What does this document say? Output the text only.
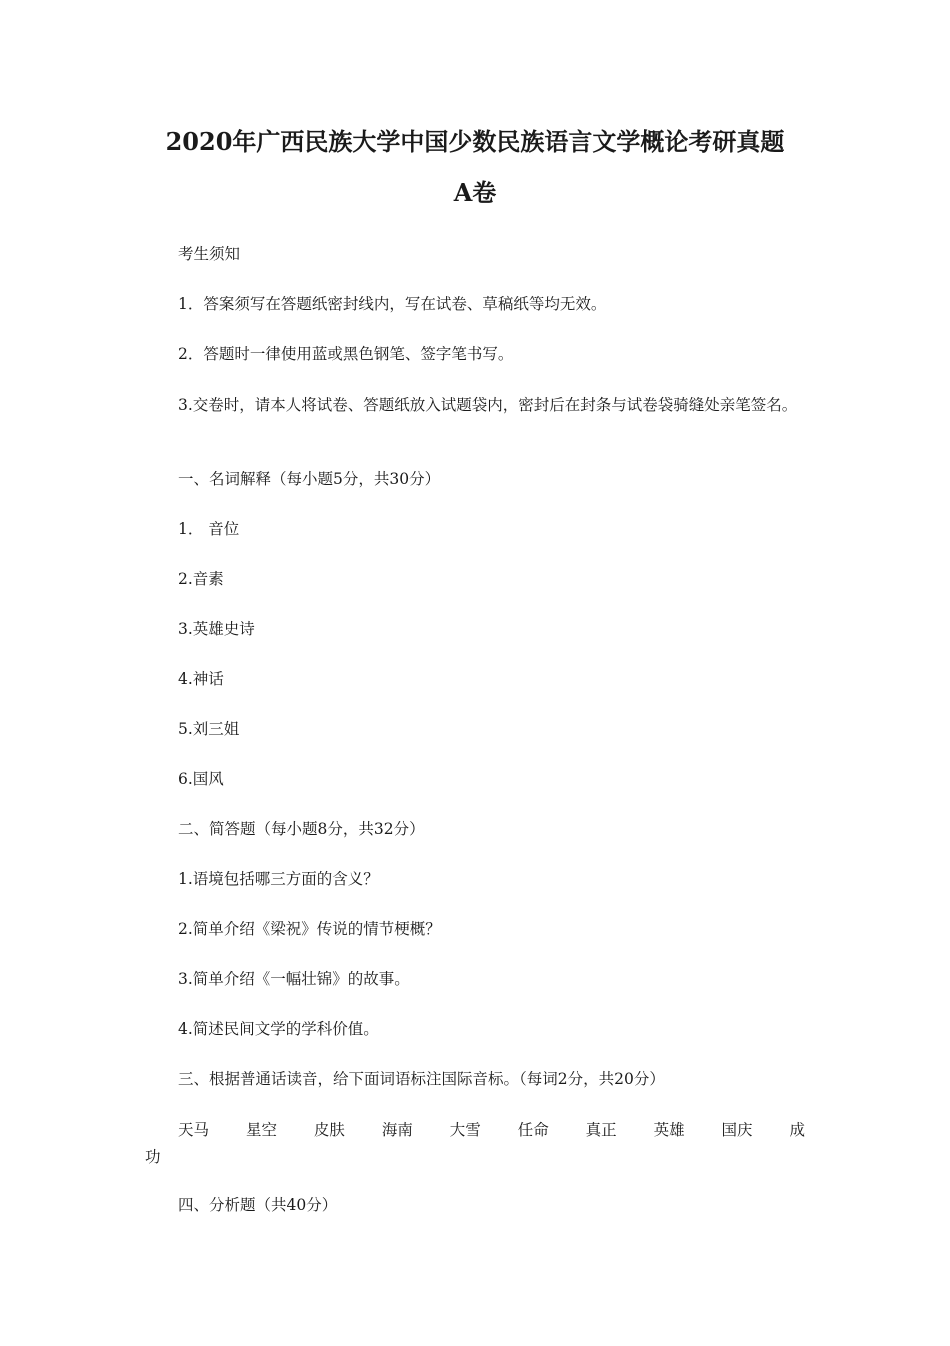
2020年广西民族大学中国少数民族语言文学概论考研真题
A卷
考生须知
1．答案须写在答题纸密封线内，写在试卷、草稿纸等均无效。
2．答题时一律使用蓝或黑色钢笔、签字笔书写。
3.交卷时，请本人将试卷、答题纸放入试题袋内，密封后在封条与试卷袋骑缝处亲笔签名。
一、名词解释（每小题5分，共30分）
1． 音位
2.音素
3.英雄史诗
4.神话
5.刘三姐
6.国风
二、简答题（每小题8分，共32分）
1.语境包括哪三方面的含义？
2.简单介绍《梁祝》传说的情节梗概？
3.简单介绍《一幅壮锦》的故事。
4.简述民间文学的学科价值。
三、根据普通话读音，给下面词语标注国际音标。（每词2分，共20分）
天马 星空 皮肤 海南 大雪 任命 真正 英雄 国庆 成
功
四、分析题（共40分）
